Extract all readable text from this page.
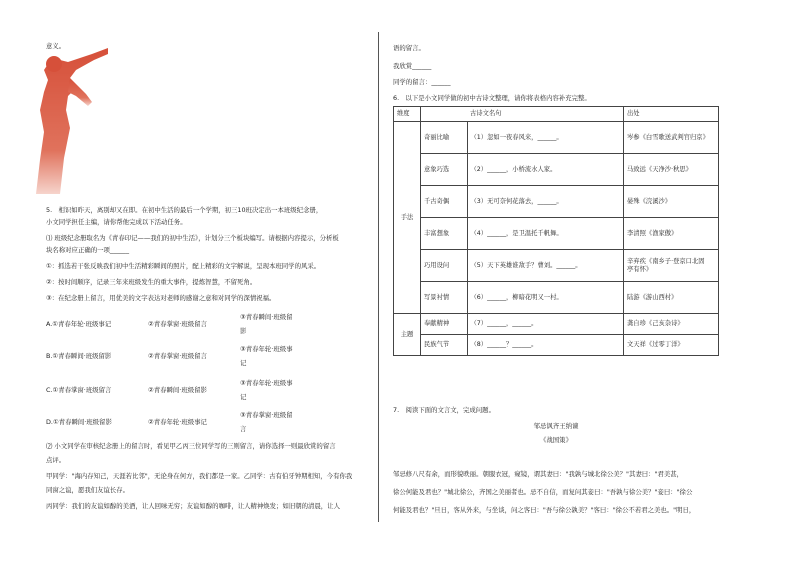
意义。
5.　相识如昨天，离别却又在即。在初中生活的最后一个学期，初三10班决定出一本班级纪念册，
小文同学担任主编，请你帮他完成以下活动任务。
⑴ 班级纪念册取名为《青春印记——我们的初中生活》，计划分三个板块编写。请根据内容提示，分析板
块名称对应正确的一项______
①：抓选若干张反映我们初中生活精彩瞬间的照片，配上精彩的文字解说，呈现本班同学的风采。
②：按时间顺序，记录三年来班级发生的重大事件，提炼智慧，不留死角。
③：在纪念册上留言，用优美的文字表达对老师的感谢之意和对同学的深情祝福。
A.①青春年轮·班级事记	②青春掌窗·班级留言
③青春瞬间·班级留
影
B.①青春瞬间·班级留影	②青春掌窗·班级留言
③青春年轮·班级事
记
C.①青春掌窗·班级留言	②青春瞬间·班级留影
③青春年轮·班级事
记
D.①青春瞬间·班级留影	②青春年轮·班级事记
③青春掌窗·班级留
言
⑵ 小文同学在审核纪念册上的留言时，看见甲乙丙三位同学写的三则留言，请你选择一则最欣赏的留言
点评。
甲同学："海内存知己，天涯若比邻"，无论身在何方，我们都是一家。乙同学：古有伯牙钟期相知，今有你我
同窗之谊，愿我们友谊长存。
丙同学：我们的友谊如醇的美酒，让人回味无穷；友谊如醇的咖啡，让人精神焕发；如旧朝的清晨，让人
语的留言。
我欣赏______
同学的留言：______
6.　以下是小文同学做的初中古诗文整理，请你将表格内容补充完整。
维度		古诗文名句	出处
手法	奇丽比喻	（1）忽如一夜春风来，______。	岑参《白雪歌送武判官归京》
	意象巧选	（2）______，小桥流水人家。	马致远《天净沙·秋思》
	千古奇偶	（3）无可奈何花落去，______。	晏殊《浣溪沙》
	丰富想象	（4）______，是卫温托千帆舞。	李清照《渔家傲》
	巧用设问	（5）天下英雄谁敌手？曹刘。______。	辛弃疾《南乡子·登京口北固
亭有怀》

	写景衬情	（6）______，柳暗花明又一村。	陆游《游山西村》
主题	奉献精神	（7）______，______。	龚自珍《己亥杂诗》
	民族气节	（8）______？______。	文天祥《过零丁洋》
7.　阅读下面的文言文，完成问题。
邹忌讽齐王纳谏
《战国策》
邹忌修八尺有余，而形貌昳丽。朝服衣冠，窥镜，谓其妻曰："我孰与城北徐公美？"其妻曰："君美甚，
徐公何能及君也？"城北徐公，齐国之美丽者也。忌不自信，而复问其妾曰："吾孰与徐公美？"妾曰："徐公
何能及君也？"旦日，客从外来，与坐谈，问之客曰："吾与徐公孰美？"客曰："徐公不若君之美也。"明日，
